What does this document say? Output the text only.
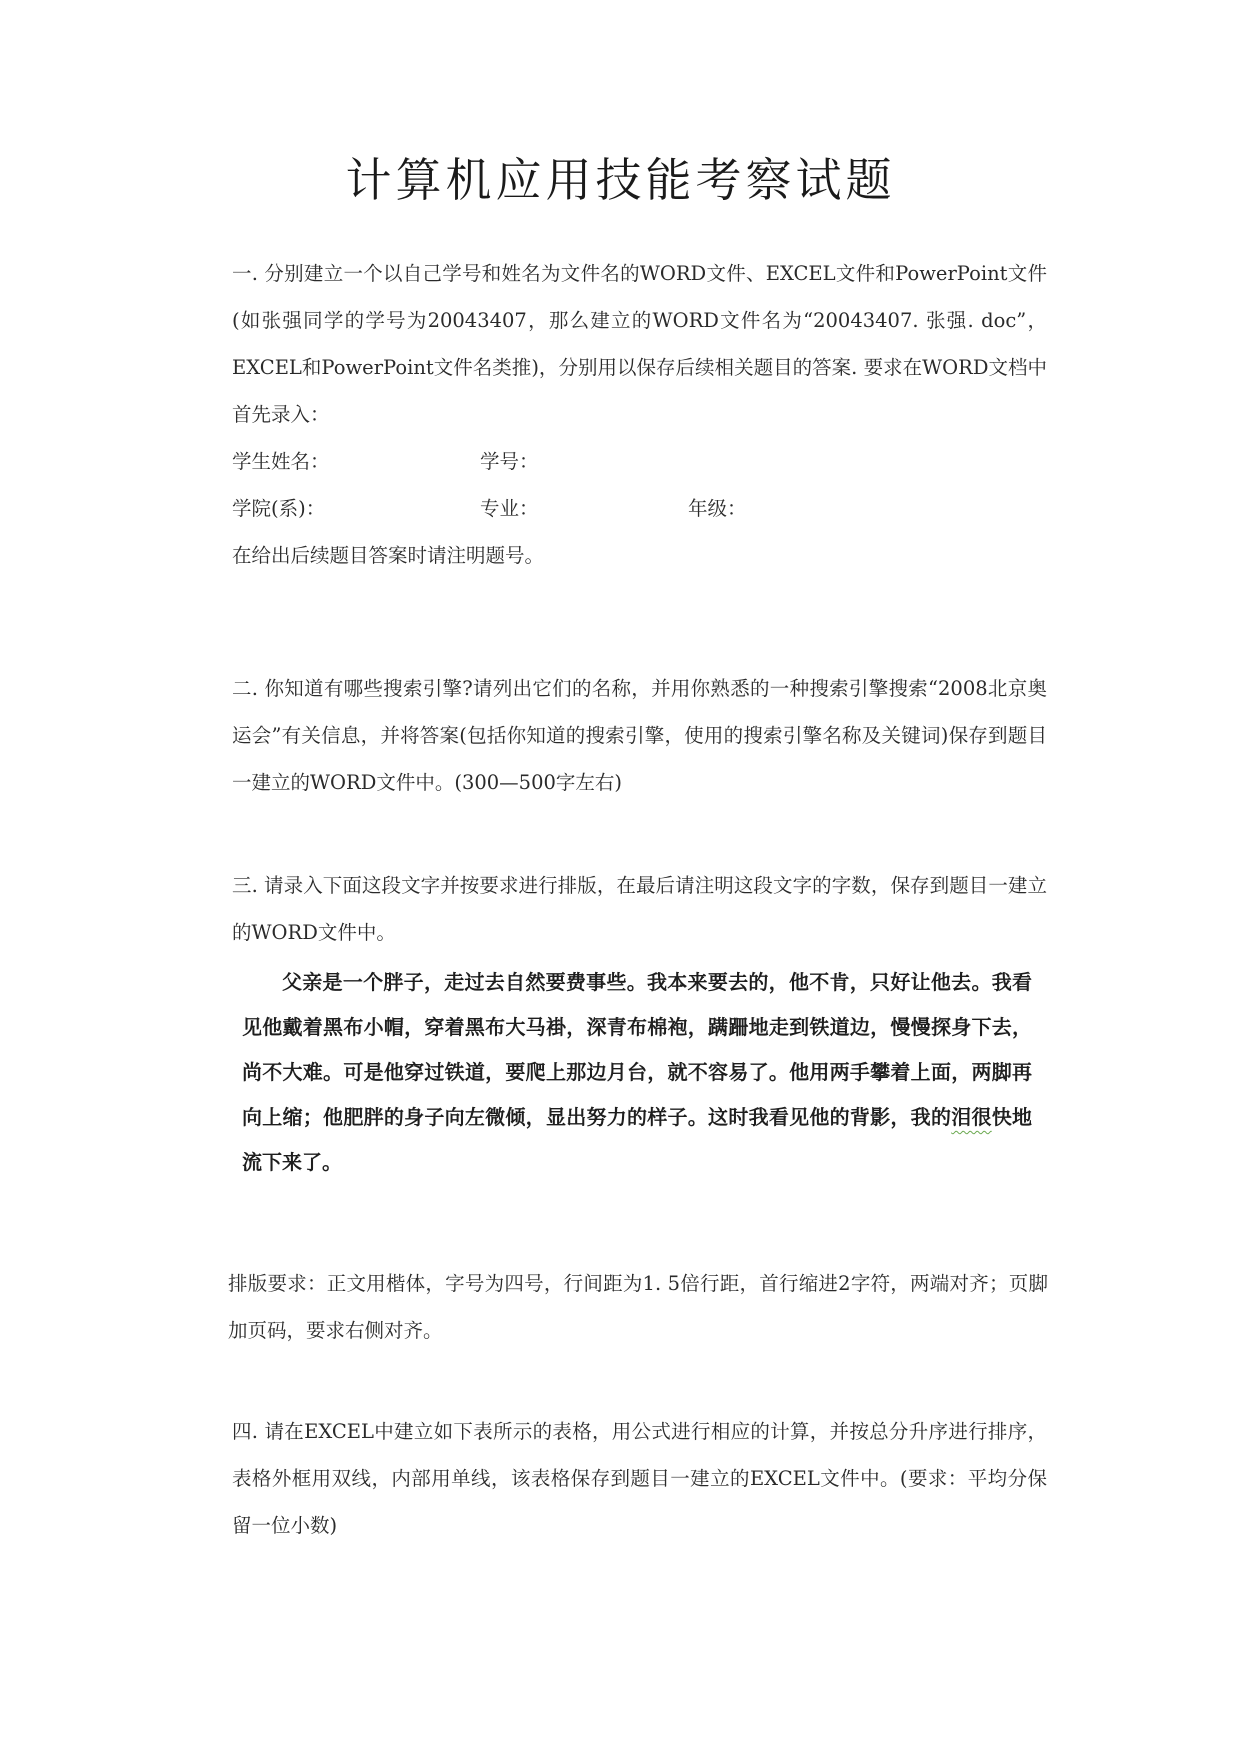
计算机应用技能考察试题

一. 分别建立一个以自己学号和姓名为文件名的WORD文件、EXCEL文件和PowerPoint文件(如张强同学的学号为20043407，那么建立的WORD文件名为“20043407. 张强. doc”，EXCEL和PowerPoint文件名类推)，分别用以保存后续相关题目的答案. 要求在WORD文档中首先录入：

学生姓名：	学号：
学院(系)：	专业：	年级：

在给出后续题目答案时请注明题号。

二. 你知道有哪些搜索引擎?请列出它们的名称，并用你熟悉的一种搜索引擎搜索“2008北京奥运会”有关信息，并将答案(包括你知道的搜索引擎，使用的搜索引擎名称及关键词)保存到题目一建立的WORD文件中。(300—500字左右)

三. 请录入下面这段文字并按要求进行排版，在最后请注明这段文字的字数，保存到题目一建立的WORD文件中。

父亲是一个胖子，走过去自然要费事些。我本来要去的，他不肯，只好让他去。我看见他戴着黑布小帽，穿着黑布大马褂，深青布棉袍，蹒跚地走到铁道边，慢慢探身下去，尚不大难。可是他穿过铁道，要爬上那边月台，就不容易了。他用两手攀着上面，两脚再向上缩；他肥胖的身子向左微倾，显出努力的样子。这时我看见他的背影，我的泪很快地流下来了。

排版要求：正文用楷体，字号为四号，行间距为1. 5倍行距，首行缩进2字符，两端对齐；页脚加页码，要求右侧对齐。

四. 请在EXCEL中建立如下表所示的表格，用公式进行相应的计算，并按总分升序进行排序，表格外框用双线，内部用单线，该表格保存到题目一建立的EXCEL文件中。(要求：平均分保留一位小数)
